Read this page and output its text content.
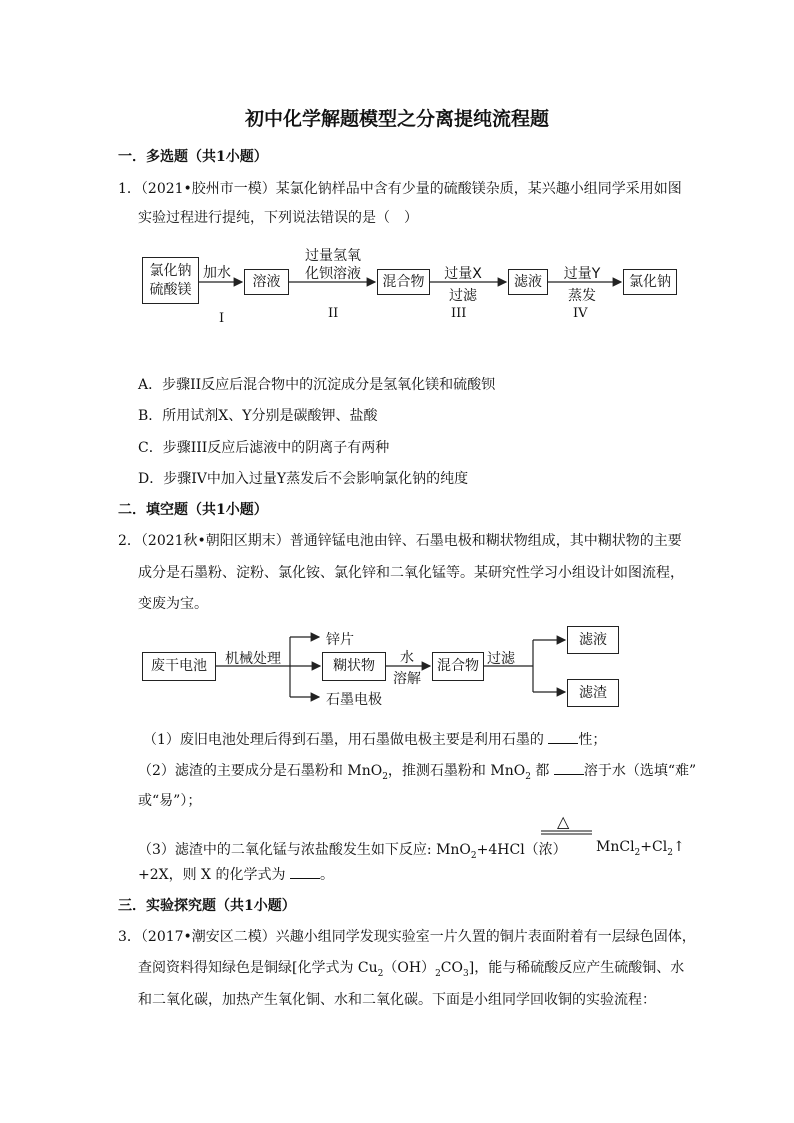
初中化学解题模型之分离提纯流程题
一．多选题（共1小题）
1．（2021•胶州市一模）某氯化钠样品中含有少量的硫酸镁杂质，某兴趣小组同学采用如图
实验过程进行提纯，下列说法错误的是（　）
氯化钠
硫酸镁
加水
溶液
过量氢氧
化钡溶液	混合物	过量X
过滤
滤液	过量Y
蒸发
氯化钠
I	II	III	IV
A．步骤II反应后混合物中的沉淀成分是氢氧化镁和硫酸钡
B．所用试剂X、Y分别是碳酸钾、盐酸
C．步骤III反应后滤液中的阴离子有两种
D．步骤IV中加入过量Y蒸发后不会影响氯化钠的纯度
二．填空题（共1小题）
2．（2021秋•朝阳区期末）普通锌锰电池由锌、石墨电极和糊状物组成，其中糊状物的主要
成分是石墨粉、淀粉、氯化铵、氯化锌和二氧化锰等。某研究性学习小组设计如图流程，
变废为宝。
废干电池	机械处理
锌片
糊状物
石墨电极
水
溶解
混合物 过滤
滤液
滤渣
（1）废旧电池处理后得到石墨，用石墨做电极主要是利用石墨的 性；
（2）滤渣的主要成分是石墨粉和 MnO$_2$，推测石墨粉和 MnO$_2$ 都 溶于水（选填“难”
或“易”）；
（3）滤渣中的二氧化锰与浓盐酸发生如下反应: MnO$_2$+4HCl（浓）
△
$MnCl_2+Cl_2↑$
+2X，则 X 的化学式为 。
三．实验探究题（共1小题）
3．（2017•潮安区二模）兴趣小组同学发现实验室一片久置的铜片表面附着有一层绿色固体，
查阅资料得知绿色是铜绿[化学式为 $Cu_2(OH)_2CO_3$]，能与稀硫酸反应产生硫酸铜、水
和二氧化碳，加热产生氧化铜、水和二氧化碳。下面是小组同学回收铜的实验流程：
